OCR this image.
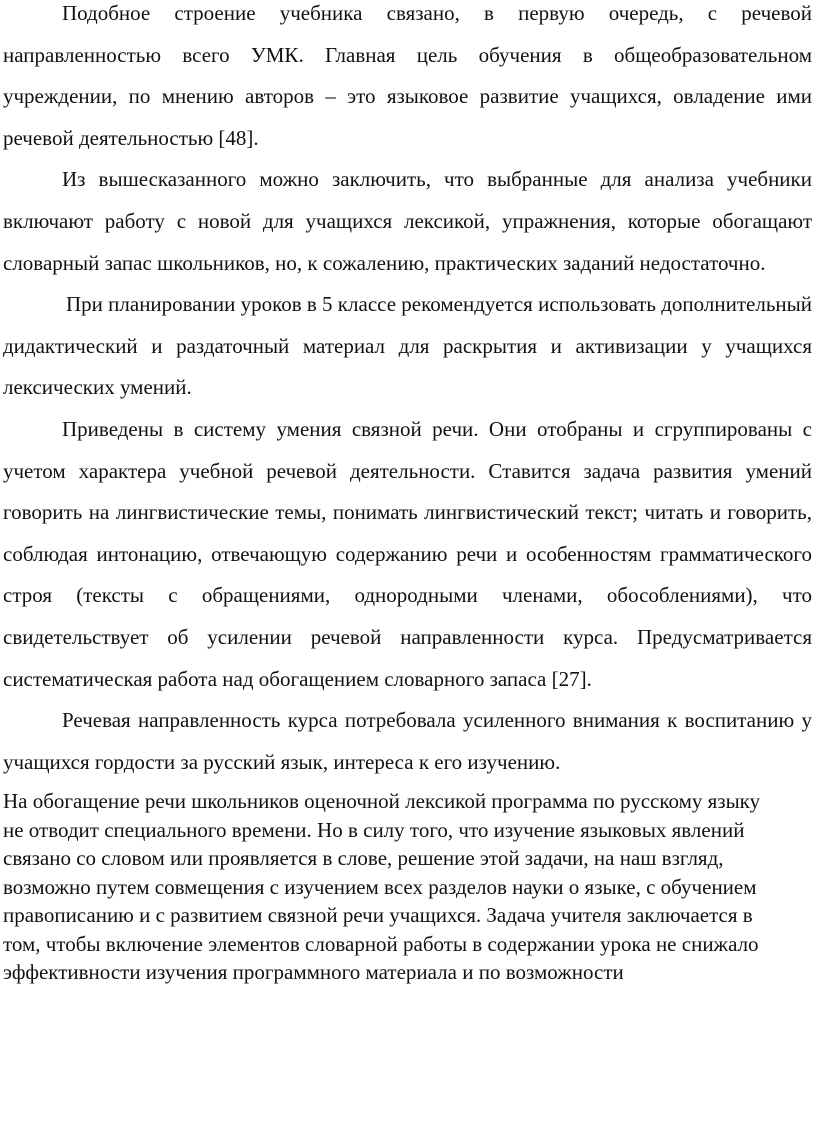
Подобное строение учебника связано, в первую очередь, с речевой направленностью всего УМК. Главная цель обучения в общеобразовательном учреждении, по мнению авторов – это языковое развитие учащихся, овладение ими речевой деятельностью [48].

Из вышесказанного можно заключить, что выбранные для анализа учебники включают работу с новой для учащихся лексикой, упражнения, которые обогащают словарный запас школьников, но, к сожалению, практических заданий недостаточно.

При планировании уроков в 5 классе рекомендуется использовать дополнительный дидактический и раздаточный материал для раскрытия и активизации у учащихся лексических умений.

Приведены в систему умения связной речи. Они отобраны и сгруппированы с учетом характера учебной речевой деятельности. Ставится задача развития умений говорить на лингвистические темы, понимать лингвистический текст; читать и говорить, соблюдая интонацию, отвечающую содержанию речи и особенностям грамматического строя (тексты с обращениями, однородными членами, обособлениями), что свидетельствует об усилении речевой направленности курса. Предусматривается систематическая работа над обогащением словарного запаса [27].

Речевая направленность курса потребовала усиленного внимания к воспитанию у учащихся гордости за русский язык, интереса к его изучению.

На обогащение речи школьников оценочной лексикой программа по русскому языку не отводит специального времени. Но в силу того, что изучение языковых явлений связано со словом или проявляется в слове, решение этой задачи, на наш взгляд, возможно путем совмещения с изучением всех разделов науки о языке, с обучением правописанию и с развитием связной речи учащихся. Задача учителя заключается в том, чтобы включение элементов словарной работы в содержании урока не снижало эффективности изучения программного материала и по возможности
